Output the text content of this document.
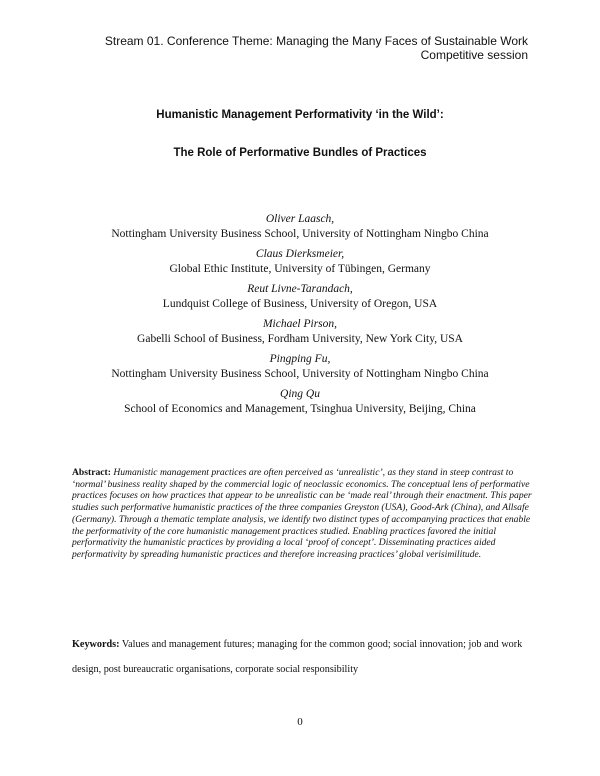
Stream 01. Conference Theme: Managing the Many Faces of Sustainable Work
Competitive session
Humanistic Management Performativity ‘in the Wild’:
The Role of Performative Bundles of Practices
Oliver Laasch,
Nottingham University Business School, University of Nottingham Ningbo China
Claus Dierksmeier,
Global Ethic Institute, University of Tübingen, Germany
Reut Livne-Tarandach,
Lundquist College of Business, University of Oregon, USA
Michael Pirson,
Gabelli School of Business, Fordham University, New York City, USA
Pingping Fu,
Nottingham University Business School, University of Nottingham Ningbo China
Qing Qu
School of Economics and Management, Tsinghua University, Beijing, China
Abstract: Humanistic management practices are often perceived as ‘unrealistic’, as they stand in steep contrast to ‘normal’ business reality shaped by the commercial logic of neoclassic economics. The conceptual lens of performative practices focuses on how practices that appear to be unrealistic can be ‘made real’ through their enactment. This paper studies such performative humanistic practices of the three companies Greyston (USA), Good-Ark (China), and Allsafe (Germany). Through a thematic template analysis, we identify two distinct types of accompanying practices that enable the performativity of the core humanistic management practices studied. Enabling practices favored the initial performativity the humanistic practices by providing a local ‘proof of concept’. Disseminating practices aided performativity by spreading humanistic practices and therefore increasing practices’ global verisimilitude.
Keywords: Values and management futures; managing for the common good; social innovation; job and work design, post bureaucratic organisations, corporate social responsibility
0
